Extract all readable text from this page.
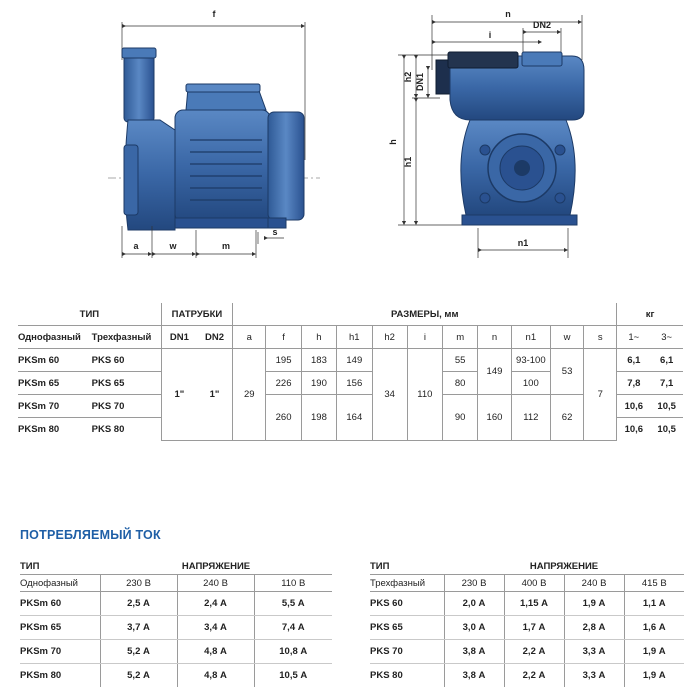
f
a	w	m
s
n
DN2
i
h
h2
h1
DN1
n1
ТИП		ПАТРУБКИ		РАЗМЕРЫ, мм											кг	
Однофазный	Трехфазный	DN1	DN2	a	f	h	h1	h2	i	m	n	n1	w	s	1~	3~
PKSm 60	PKS 60	1"	1"	29	195	183	149	34	110	55	149	93-100	53	7	6,1	6,1
PKSm 65	PKS 65				226	190	156			80		100			7,8	7,1
PKSm 70	PKS 70				260	198	164			90	160	112	62		10,6	10,5
PKSm 80	PKS 80														10,6	10,5
ПОТРЕБЛЯЕМЫЙ ТОК
ТИП	НАПРЯЖЕНИЕ		
Однофазный	230 В	240 В	110 В
PKSm 60	2,5 А	2,4 А	5,5 А
PKSm 65	3,7 А	3,4 А	7,4 А
PKSm 70	5,2 А	4,8 А	10,8 А
PKSm 80	5,2 А	4,8 А	10,5 А
ТИП	НАПРЯЖЕНИЕ			
Трехфазный	230 В	400 В	240 В	415 В
PKS 60	2,0 А	1,15 А	1,9 А	1,1 А
PKS 65	3,0 А	1,7 А	2,8 А	1,6 А
PKS 70	3,8 А	2,2 А	3,3 А	1,9 А
PKS 80	3,8 А	2,2 А	3,3 А	1,9 А
